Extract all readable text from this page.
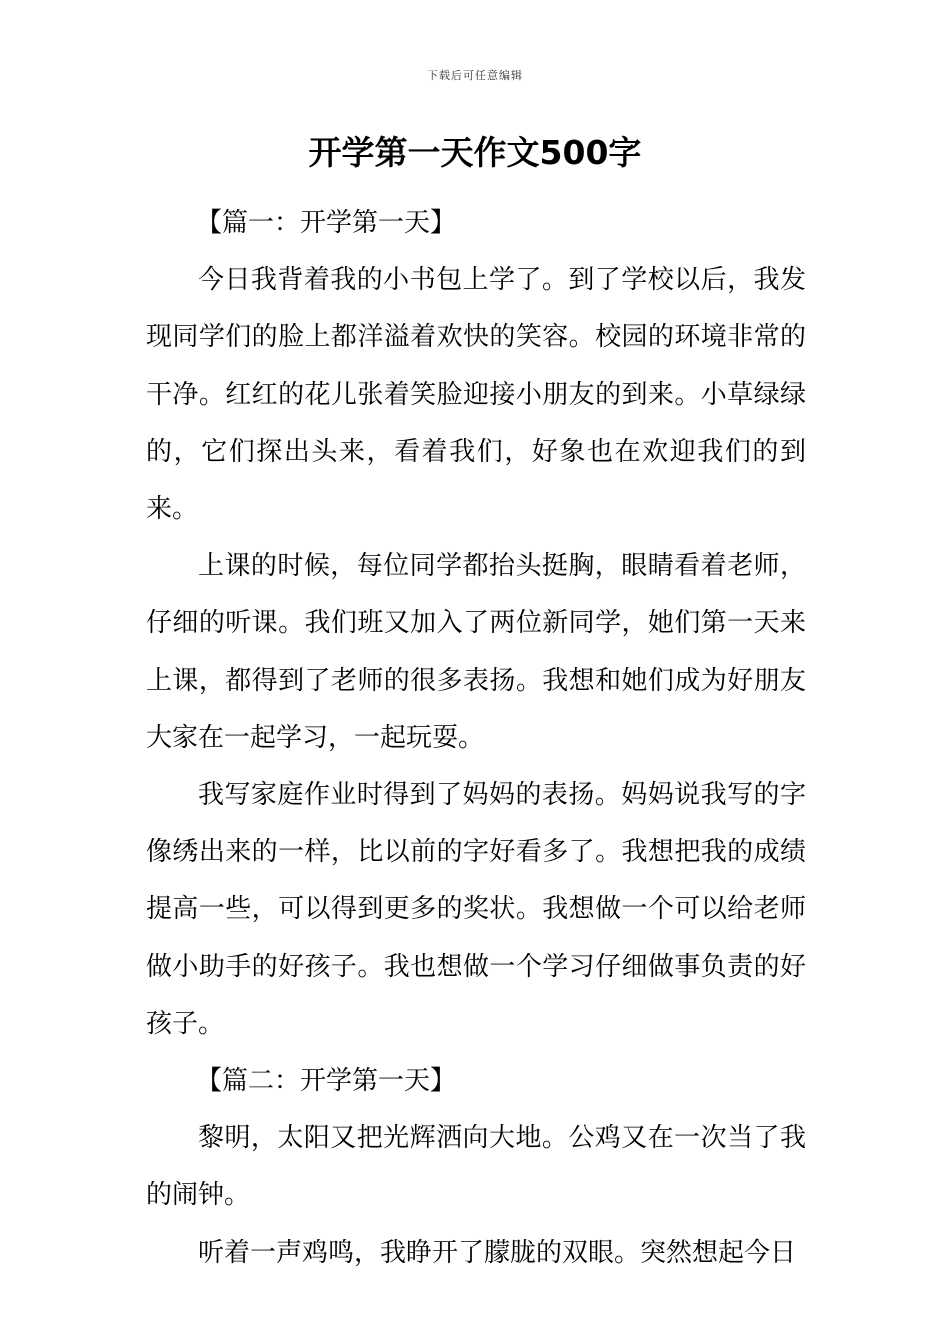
下载后可任意编辑
开学第一天作文500字

【篇一：开学第一天】

今日我背着我的小书包上学了。到了学校以后，我发现同学们的脸上都洋溢着欢快的笑容。校园的环境非常的干净。红红的花儿张着笑脸迎接小朋友的到来。小草绿绿的，它们探出头来，看着我们，好象也在欢迎我们的到来。

上课的时候，每位同学都抬头挺胸，眼睛看着老师，仔细的听课。我们班又加入了两位新同学，她们第一天来上课，都得到了老师的很多表扬。我想和她们成为好朋友大家在一起学习，一起玩耍。

我写家庭作业时得到了妈妈的表扬。妈妈说我写的字像绣出来的一样，比以前的字好看多了。我想把我的成绩提高一些，可以得到更多的奖状。我想做一个可以给老师做小助手的好孩子。我也想做一个学习仔细做事负责的好孩子。

【篇二：开学第一天】

黎明，太阳又把光辉洒向大地。公鸡又在一次当了我的闹钟。

听着一声鸡鸣，我睁开了朦胧的双眼。突然想起今日
